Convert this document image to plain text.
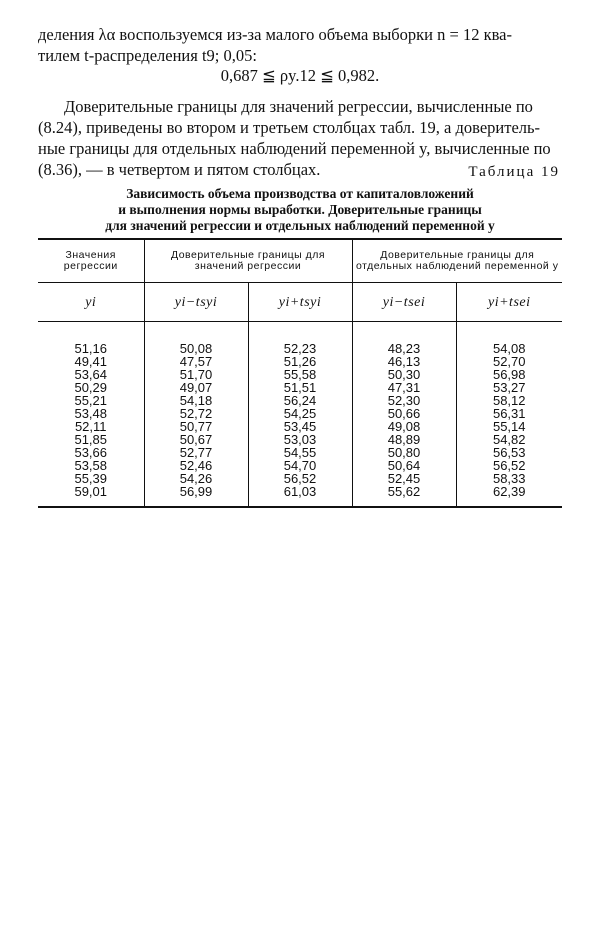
деления λα воспользуемся из-за малого объема выборки n = 12 ква-
тилем t-распределения t9; 0,05:
0,687 ≦ ρy.12 ≦ 0,982.
Доверительные границы для значений регрессии, вычисленные по
(8.24), приведены во втором и третьем столбцах табл. 19, а доверитель-
ные границы для отдельных наблюдений переменной y, вычисленные по
(8.36), — в четвертом и пятом столбцах.	Таблица 19
Зависимость объема производства от капиталовложений
и выполнения нормы выработки. Доверительные границы
для значений регрессии и отдельных наблюдений переменной y
Значения регрессии	Доверительные границы для значений регрессии		Доверительные границы для отдельных наблюдений переменной y	
yi	yi−tsyi	yi+tsyi	yi−tsei	yi+tsei
51,16	50,08	52,23	48,23	54,08
49,41	47,57	51,26	46,13	52,70
53,64	51,70	55,58	50,30	56,98
50,29	49,07	51,51	47,31	53,27
55,21	54,18	56,24	52,30	58,12
53,48	52,72	54,25	50,66	56,31
52,11	50,77	53,45	49,08	55,14
51,85	50,67	53,03	48,89	54,82
53,66	52,77	54,55	50,80	56,53
53,58	52,46	54,70	50,64	56,52
55,39	54,26	56,52	52,45	58,33
59,01	56,99	61,03	55,62	62,39
